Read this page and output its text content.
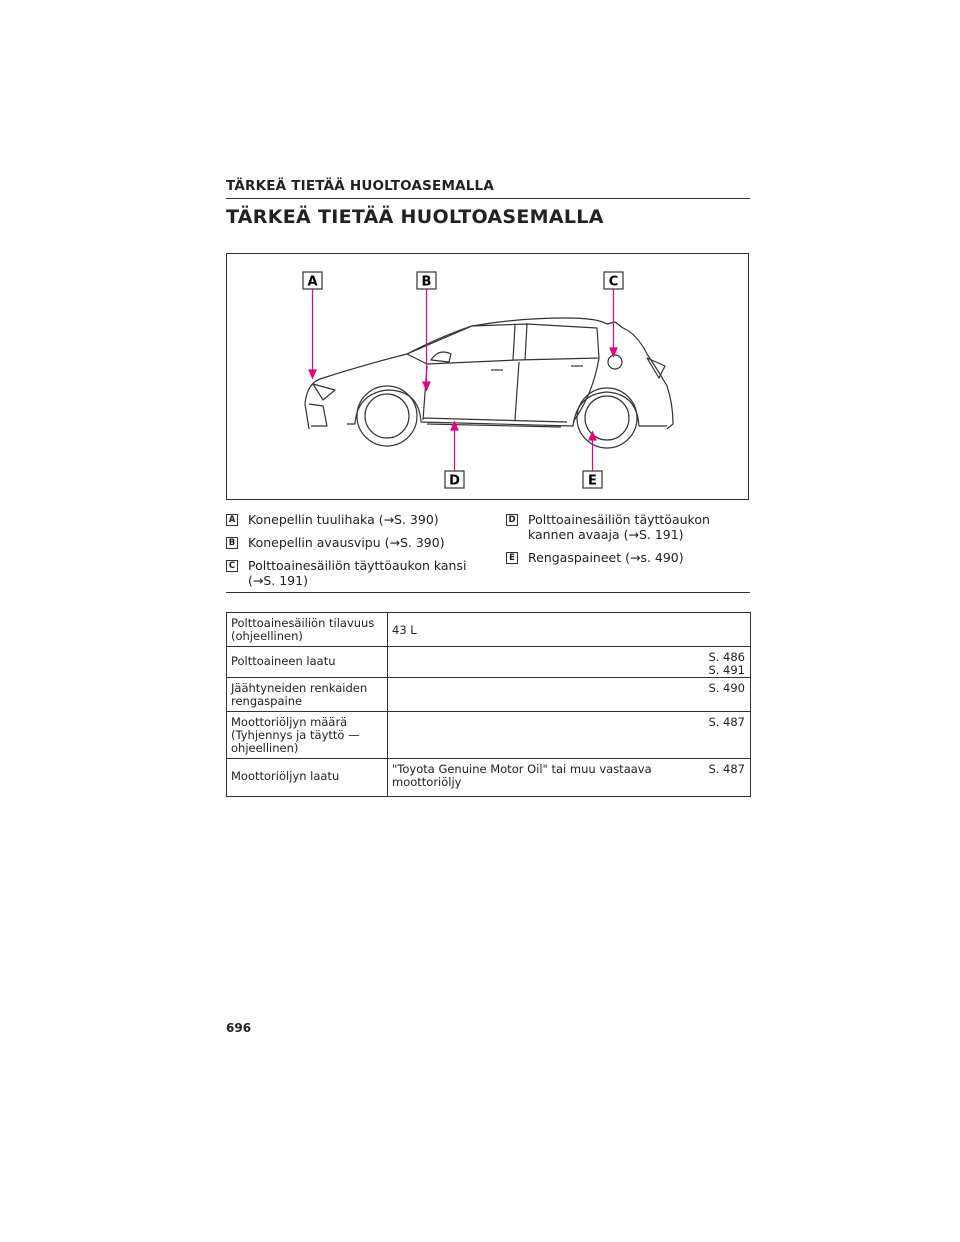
TÄRKEÄ TIETÄÄ HUOLTOASEMALLA
TÄRKEÄ TIETÄÄ HUOLTOASEMALLA
A	B	C
D	E
A Konepellin tuulihaka (→S. 390)
B Konepellin avausvipu (→S. 390)
C Polttoainesäiliön täyttöaukon kansi (→S. 191)
D Polttoainesäiliön täyttöaukon kannen avaaja (→S. 191)
E Rengaspaineet (→s. 490)
Polttoainesäiliön tilavuus (ohjeellinen)	43 L

Polttoaineen laatu	S. 486
S. 491

Jäähtyneiden renkaiden rengaspaine	S. 490

Moottoriöljyn määrä (Tyhjennys ja täyttö — ohjeellinen)	S. 487

Moottoriöljyn laatu	"Toyota Genuine Motor Oil" tai muu vastaava moottoriöljy
S. 487
696
